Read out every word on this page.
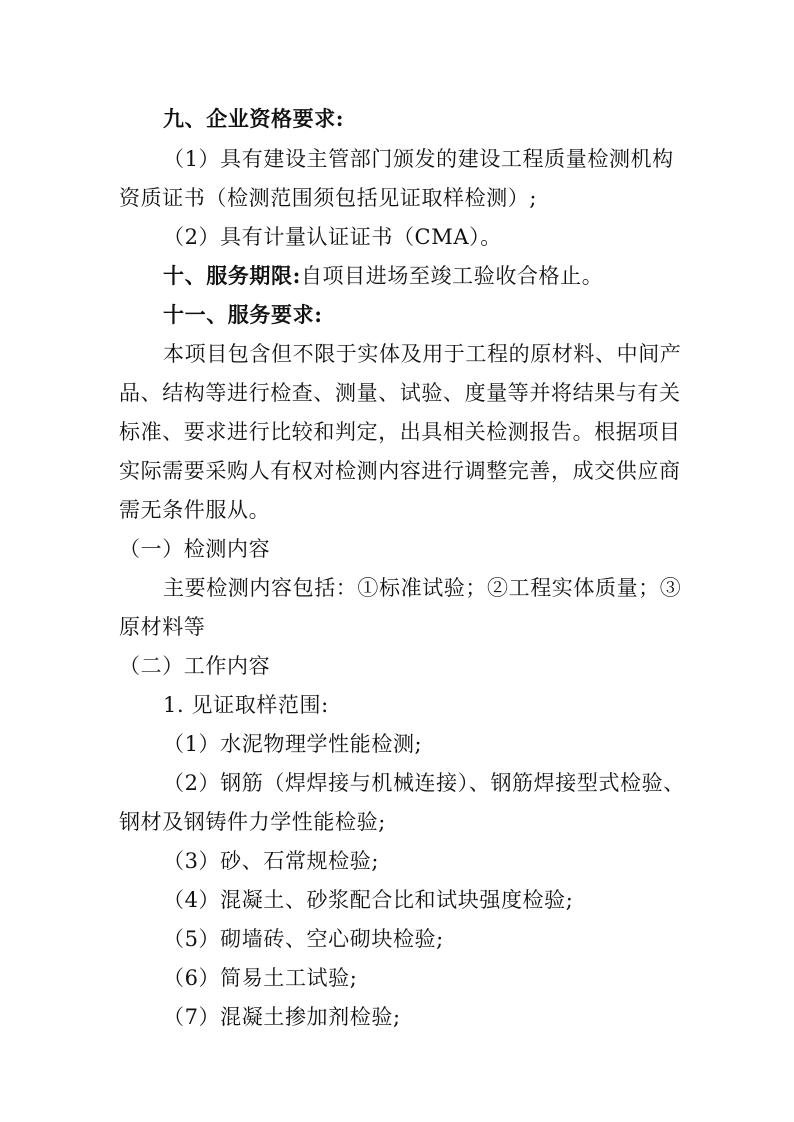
九、企业资格要求:
（1）具有建设主管部门颁发的建设工程质量检测机构
资质证书（检测范围须包括见证取样检测）;
（2）具有计量认证证书（CMA）。
十、服务期限:自项目进场至竣工验收合格止。
十一、服务要求:
本项目包含但不限于实体及用于工程的原材料、中间产
品、结构等进行检查、测量、试验、度量等并将结果与有关
标准、要求进行比较和判定，出具相关检测报告。根据项目
实际需要采购人有权对检测内容进行调整完善，成交供应商
需无条件服从。
（一）检测内容
主要检测内容包括：①标准试验；②工程实体质量；③
原材料等
（二）工作内容
1. 见证取样范围:
（1）水泥物理学性能检测;
（2）钢筋（焊焊接与机械连接）、钢筋焊接型式检验、
钢材及钢铸件力学性能检验;
（3）砂、石常规检验;
（4）混凝土、砂浆配合比和试块强度检验;
（5）砌墙砖、空心砌块检验;
（6）简易土工试验;
（7）混凝土掺加剂检验;
